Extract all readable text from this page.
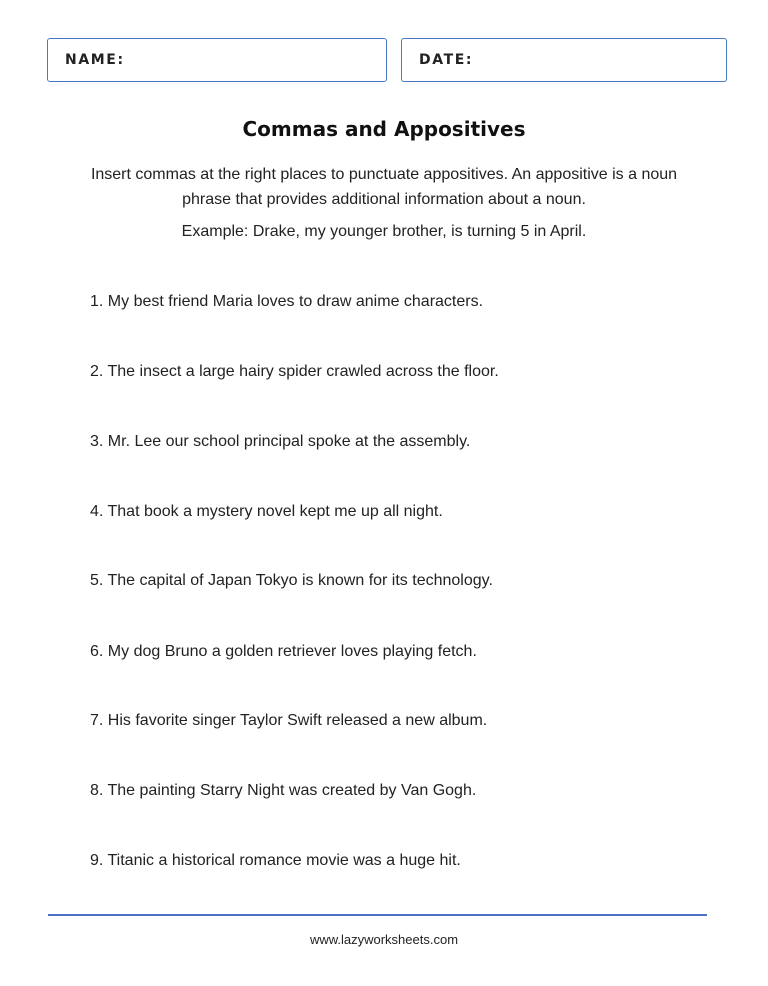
NAME:	DATE:
Commas and Appositives
Insert commas at the right places to punctuate appositives. An appositive is a noun phrase that provides additional information about a noun.
Example: Drake, my younger brother, is turning 5 in April.
1. My best friend Maria loves to draw anime characters.
2. The insect a large hairy spider crawled across the floor.
3. Mr. Lee our school principal spoke at the assembly.
4. That book a mystery novel kept me up all night.
5. The capital of Japan Tokyo is known for its technology.
6. My dog Bruno a golden retriever loves playing fetch.
7. His favorite singer Taylor Swift released a new album.
8. The painting Starry Night was created by Van Gogh.
9. Titanic a historical romance movie was a huge hit.
www.lazyworksheets.com
